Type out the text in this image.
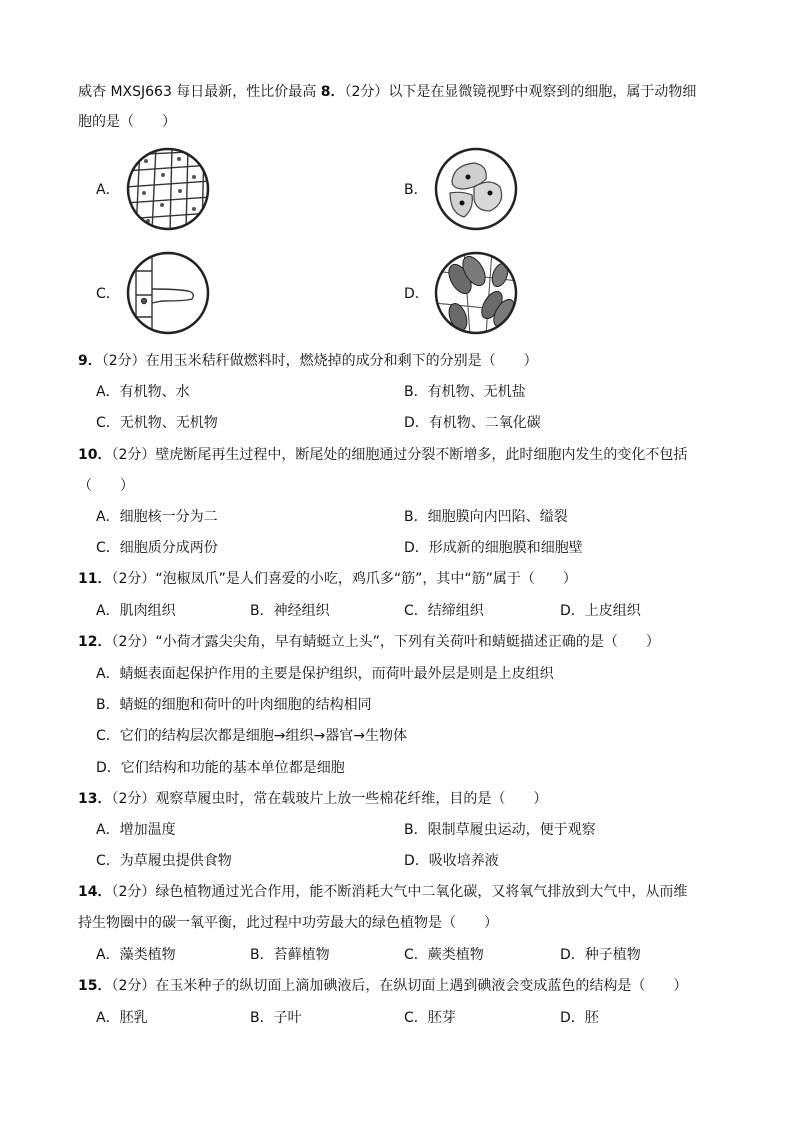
威杏 MXSJ663 每日最新，性比价最高 8．（2分）以下是在显微镜视野中观察到的细胞，属于动物细
胞的是（　　）
A．	B．
C．	D．
9．（2分）在用玉米秸秆做燃料时，燃烧掉的成分和剩下的分别是（　　）
A．有机物、水	B．有机物、无机盐
C．无机物、无机物	D．有机物、二氧化碳
10．（2分）壁虎断尾再生过程中，断尾处的细胞通过分裂不断增多，此时细胞内发生的变化不包括
（　　）
A．细胞核一分为二	B．细胞膜向内凹陷、缢裂
C．细胞质分成两份	D．形成新的细胞膜和细胞壁
11．（2分）“泡椒凤爪”是人们喜爱的小吃，鸡爪多“筋”，其中“筋”属于（　　）
A．肌肉组织	B．神经组织	C．结缔组织	D．上皮组织
12．（2分）“小荷才露尖尖角，早有蜻蜓立上头”，下列有关荷叶和蜻蜓描述正确的是（　　）
A．蜻蜓表面起保护作用的主要是保护组织，而荷叶最外层是则是上皮组织
B．蜻蜓的细胞和荷叶的叶肉细胞的结构相同
C．它们的结构层次都是细胞→组织→器官→生物体
D．它们结构和功能的基本单位都是细胞
13．（2分）观察草履虫时，常在载玻片上放一些棉花纤维，目的是（　　）
A．增加温度	B．限制草履虫运动，便于观察
C．为草履虫提供食物	D．吸收培养液
14．（2分）绿色植物通过光合作用，能不断消耗大气中二氧化碳，又将氧气排放到大气中，从而维
持生物圈中的碳一氧平衡，此过程中功劳最大的绿色植物是（　　）
A．藻类植物	B．苔藓植物	C．蕨类植物	D．种子植物
15．（2分）在玉米种子的纵切面上滴加碘液后，在纵切面上遇到碘液会变成蓝色的结构是（　　）
A．胚乳	B．子叶	C．胚芽	D．胚
